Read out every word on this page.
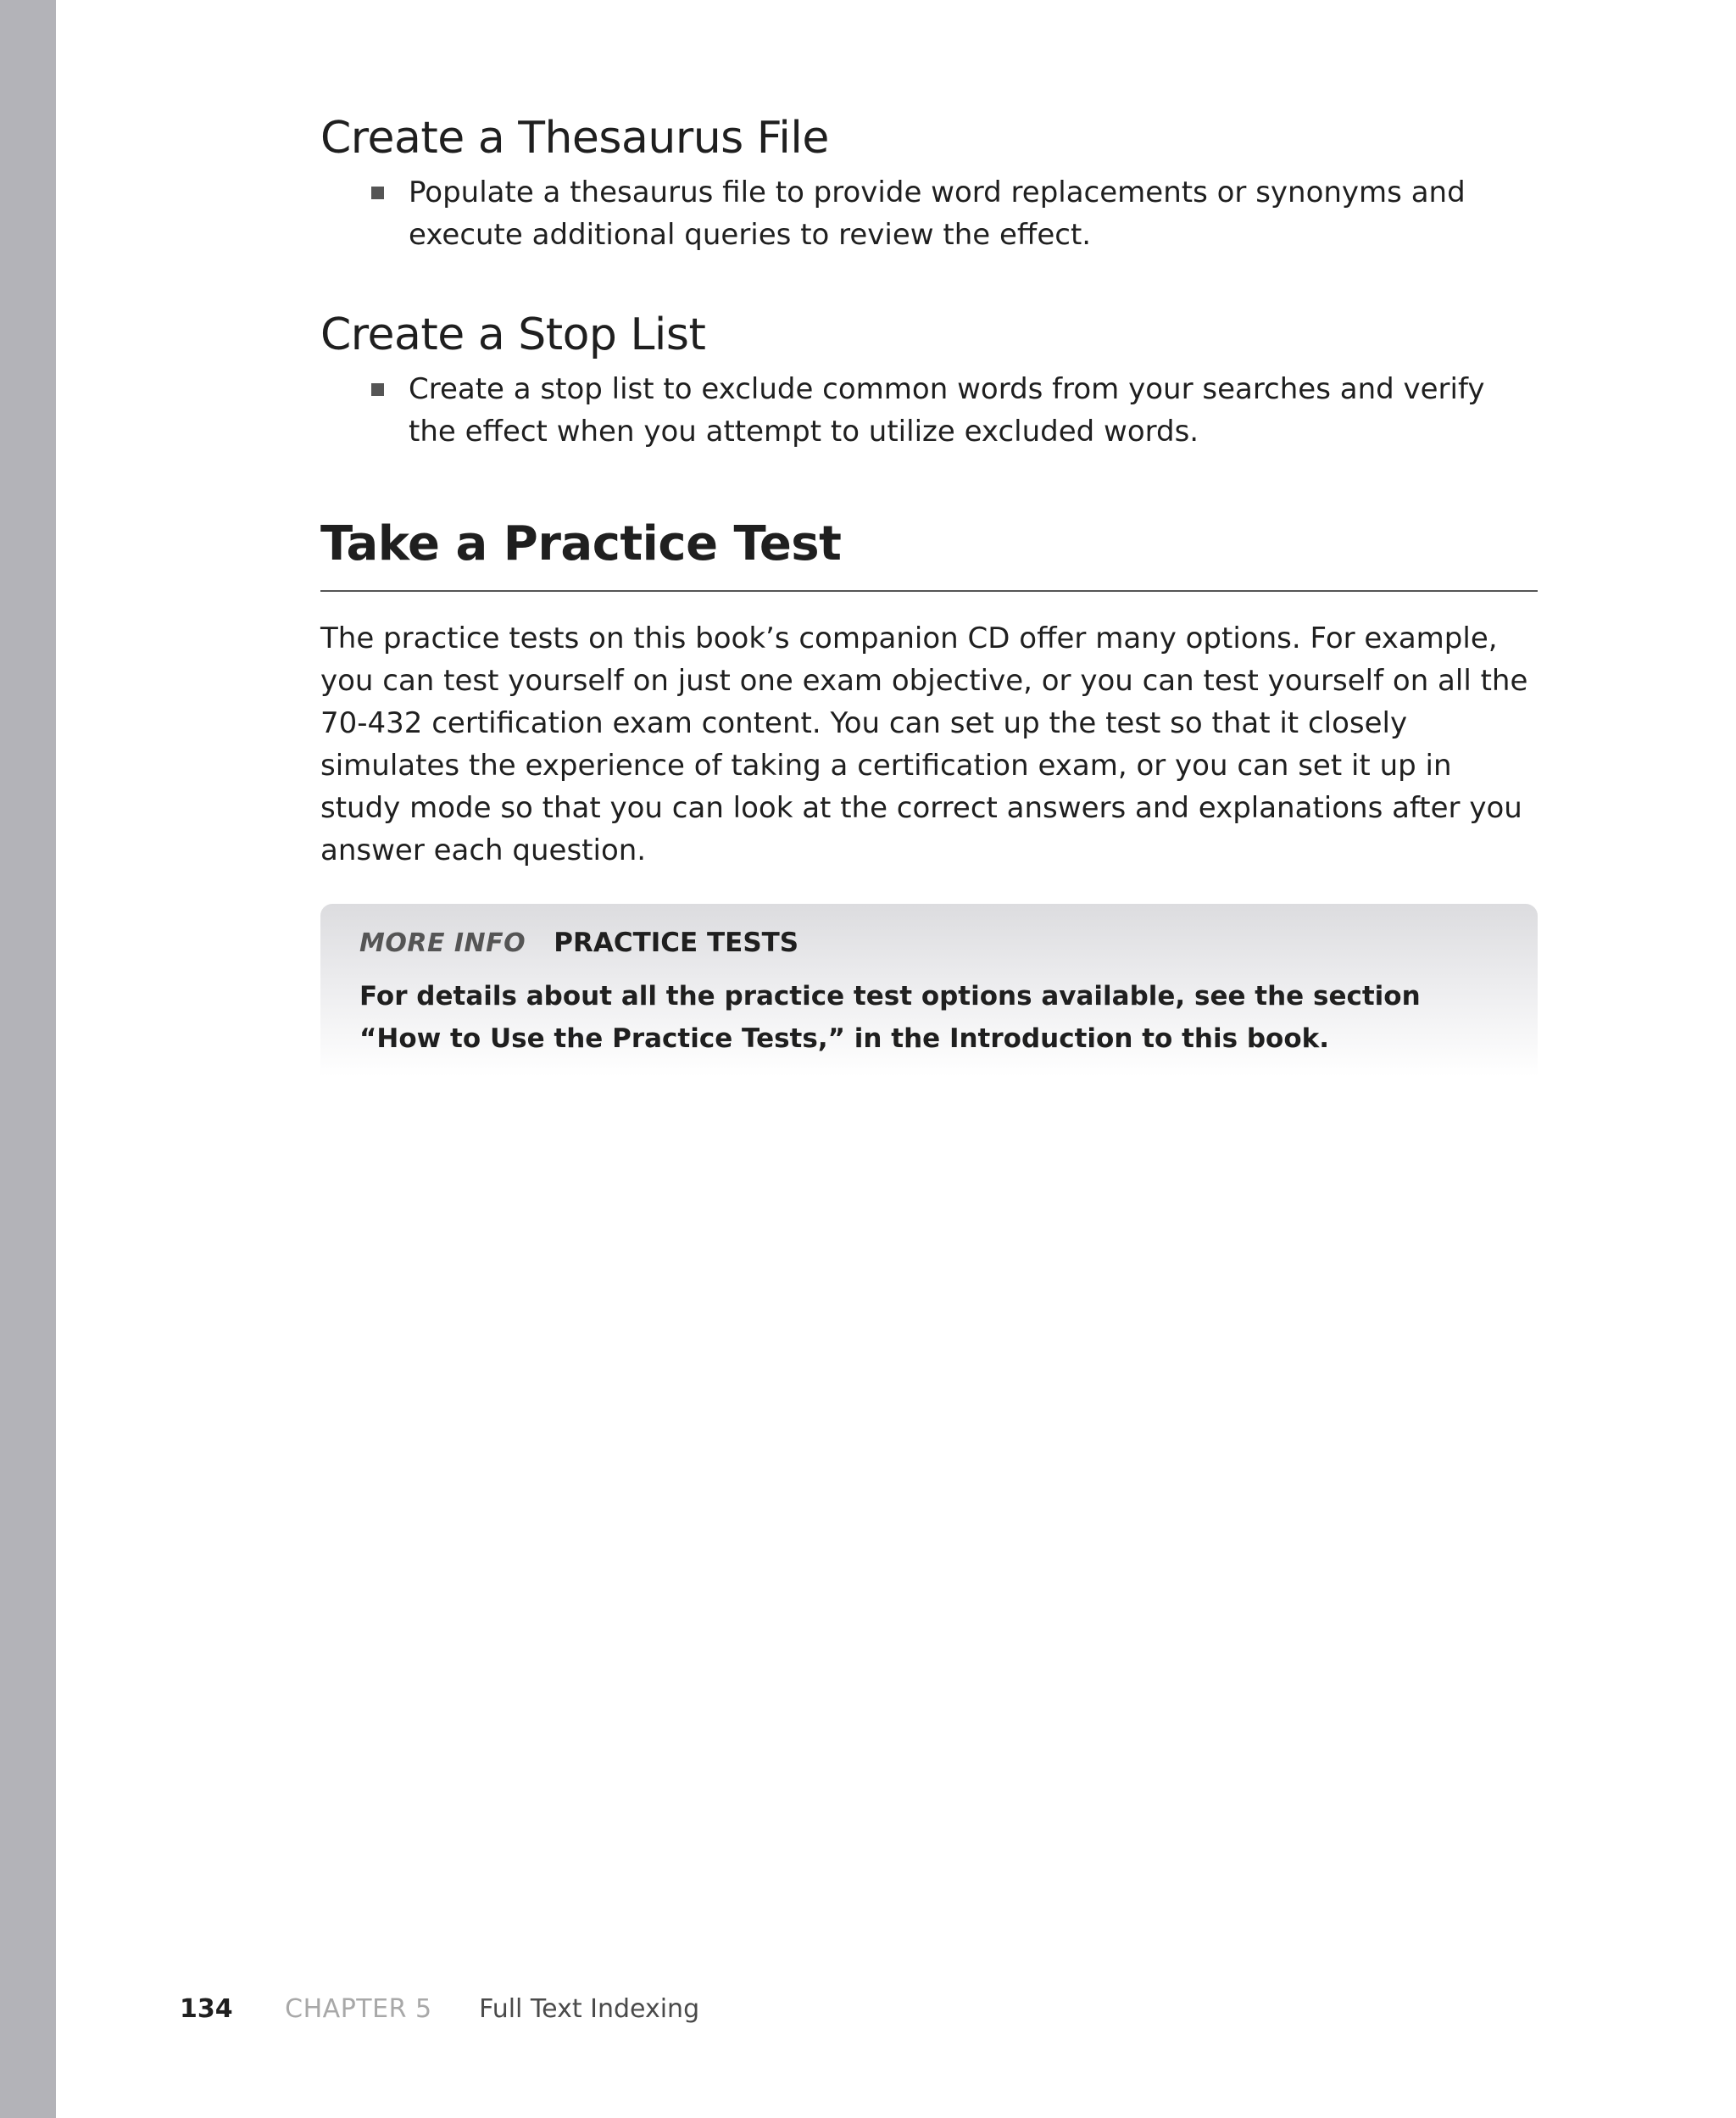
Create a Thesaurus File
Populate a thesaurus file to provide word replacements or synonyms and execute additional queries to review the effect.
Create a Stop List
Create a stop list to exclude common words from your searches and verify the effect when you attempt to utilize excluded words.
Take a Practice Test

The practice tests on this book’s companion CD offer many options. For example, you can test yourself on just one exam objective, or you can test yourself on all the 70-432 certification exam content. You can set up the test so that it closely simulates the experience of taking a certification exam, or you can set it up in study mode so that you can look at the correct answers and explanations after you answer each question.

MORE INFO PRACTICE TESTS
For details about all the practice test options available, see the section “How to Use the Practice Tests,” in the Introduction to this book.
134 CHAPTER 5 Full Text Indexing
